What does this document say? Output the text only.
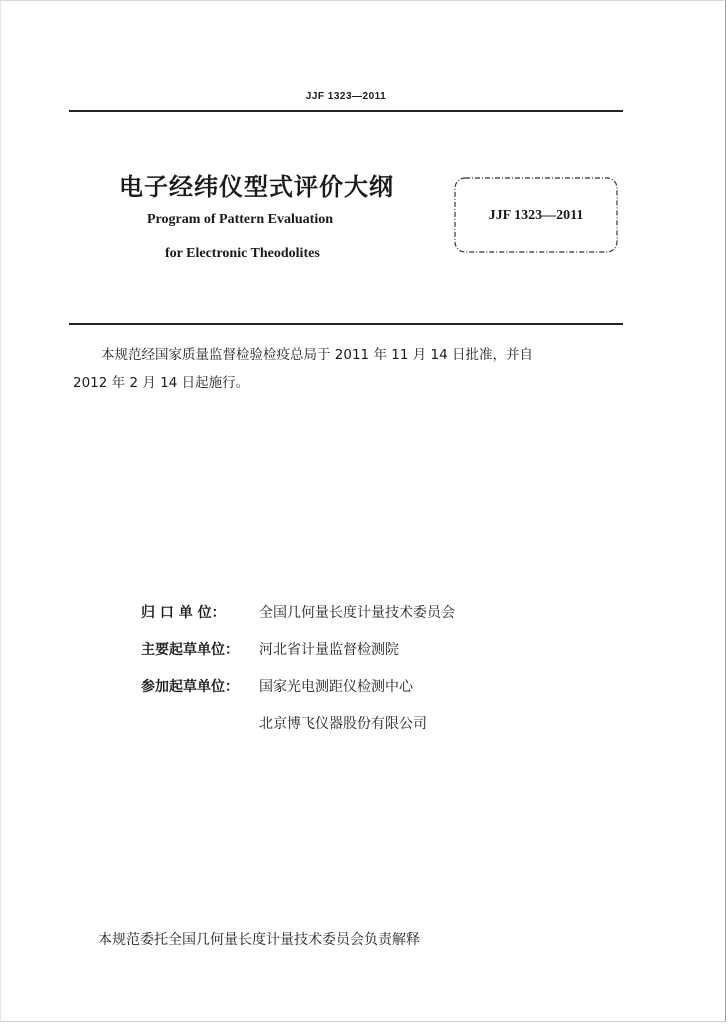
JJF 1323—2011
电子经纬仪型式评价大纲
Program of Pattern Evaluation
for Electronic Theodolites
JJF 1323—2011

本规范经国家质量监督检验检疫总局于 2011 年 11 月 14 日批准，并自

2012 年 2 月 14 日起施行。

归 口 单 位：	全国几何量长度计量技术委员会
主要起草单位：	河北省计量监督检测院
参加起草单位：	国家光电测距仪检测中心
北京博飞仪器股份有限公司
本规范委托全国几何量长度计量技术委员会负责解释
